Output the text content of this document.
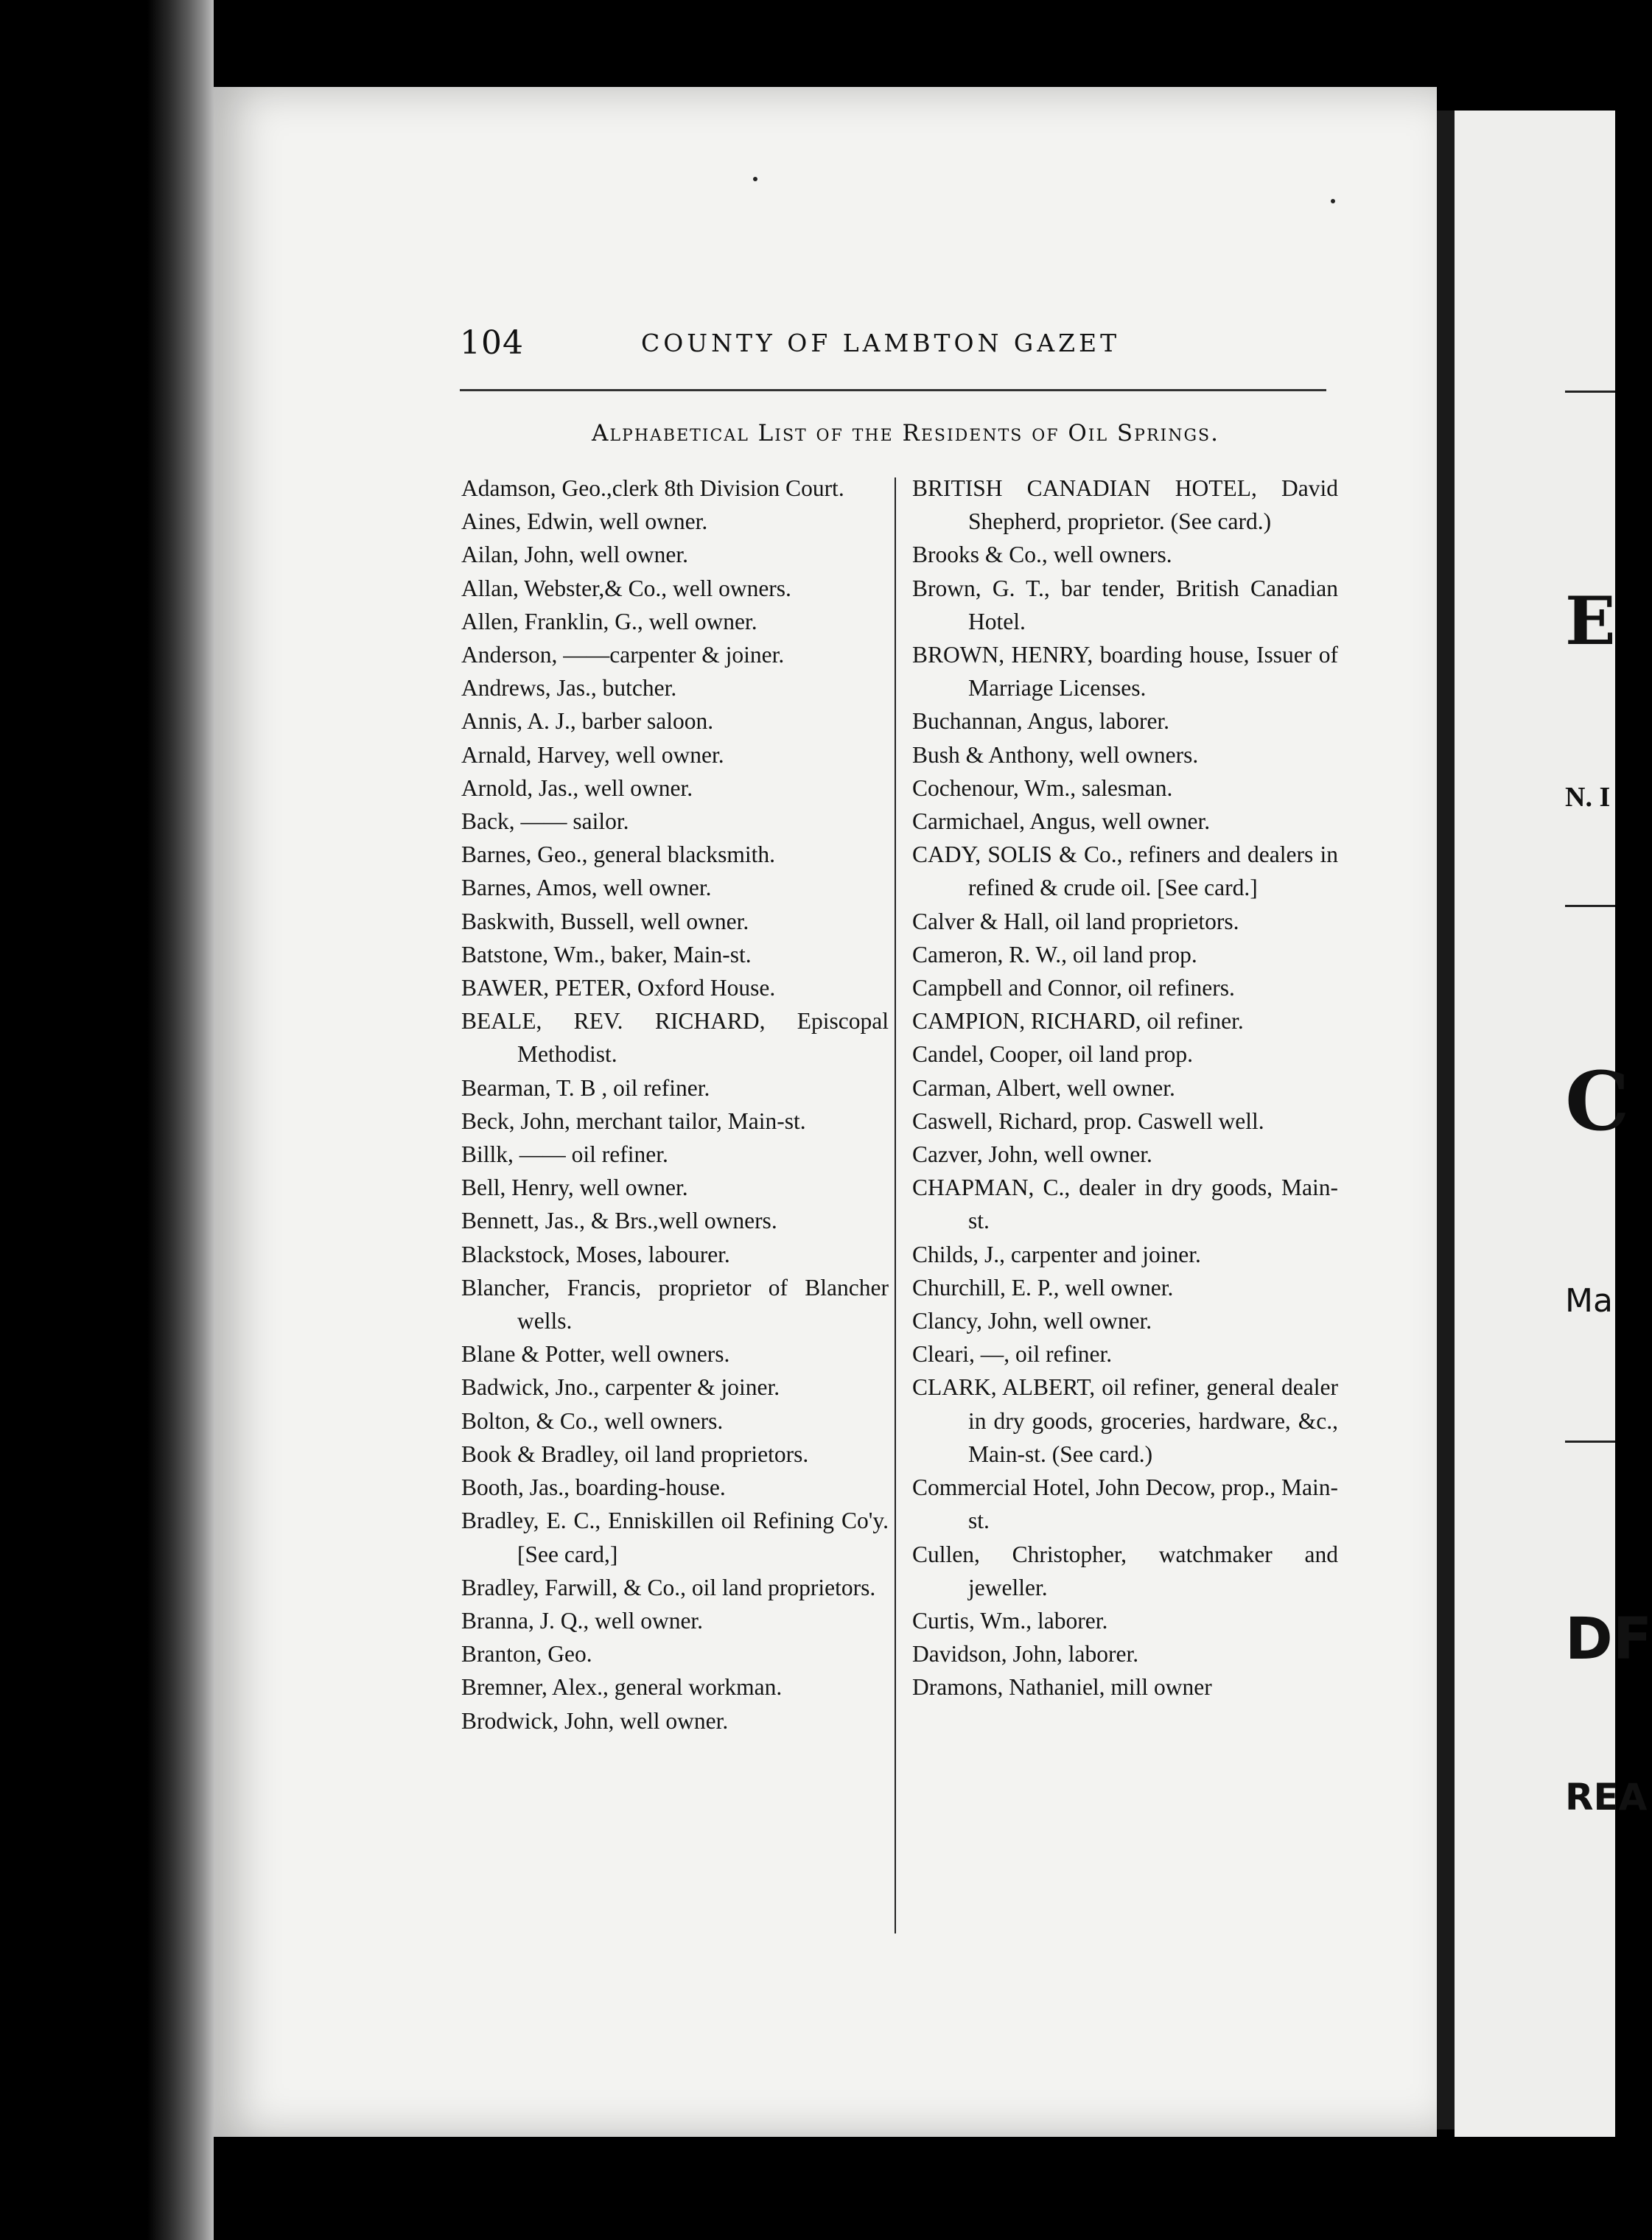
E
N. I
C
Ma
DF
REA
104	COUNTY OF LAMBTON GAZET
Alphabetical List of the Residents of Oil Springs.

Adamson, Geo.,clerk 8th Division Court.

Aines, Edwin, well owner.

Ailan, John, well owner.

Allan, Webster,& Co., well owners.

Allen, Franklin, G., well owner.

Anderson, ——carpenter & joiner.

Andrews, Jas., butcher.

Annis, A. J., barber saloon.

Arnald, Harvey, well owner.

Arnold, Jas., well owner.

Back, —— sailor.

Barnes, Geo., general blacksmith.

Barnes, Amos, well owner.

Baskwith, Bussell, well owner.

Batstone, Wm., baker, Main-st.

BAWER, PETER, Oxford House.

BEALE, REV. RICHARD, Episcopal Methodist.

Bearman, T. B , oil refiner.

Beck, John, merchant tailor, Main-st.

Billk, —— oil refiner.

Bell, Henry, well owner.

Bennett, Jas., & Brs.,well owners.

Blackstock, Moses, labourer.

Blancher, Francis, proprietor of Blancher wells.

Blane & Potter, well owners.

Badwick, Jno., carpenter & joiner.

Bolton, & Co., well owners.

Book & Bradley, oil land proprietors.

Booth, Jas., boarding-house.

Bradley, E. C., Enniskillen oil Refining Co'y. [See card,]

Bradley, Farwill, & Co., oil land proprietors.

Branna, J. Q., well owner.

Branton, Geo.

Bremner, Alex., general workman.

Brodwick, John, well owner.

BRITISH CANADIAN HOTEL, David Shepherd, proprietor. (See card.)

Brooks & Co., well owners.

Brown, G. T., bar tender, British Canadian Hotel.

BROWN, HENRY, boarding house, Issuer of Marriage Licenses.

Buchannan, Angus, laborer.

Bush & Anthony, well owners.

Cochenour, Wm., salesman.

Carmichael, Angus, well owner.

CADY, SOLIS & Co., refiners and dealers in refined & crude oil. [See card.]

Calver & Hall, oil land proprietors.

Cameron, R. W., oil land prop.

Campbell and Connor, oil refiners.

CAMPION, RICHARD, oil refiner.

Candel, Cooper, oil land prop.

Carman, Albert, well owner.

Caswell, Richard, prop. Caswell well.

Cazver, John, well owner.

CHAPMAN, C., dealer in dry goods, Main-st.

Childs, J., carpenter and joiner.

Churchill, E. P., well owner.

Clancy, John, well owner.

Cleari, —, oil refiner.

CLARK, ALBERT, oil refiner, general dealer in dry goods, groceries, hardware, &c., Main-st. (See card.)

Commercial Hotel, John Decow, prop., Main-st.

Cullen, Christopher, watchmaker and jeweller.

Curtis, Wm., laborer.

Davidson, John, laborer.

Dramons, Nathaniel, mill owner
